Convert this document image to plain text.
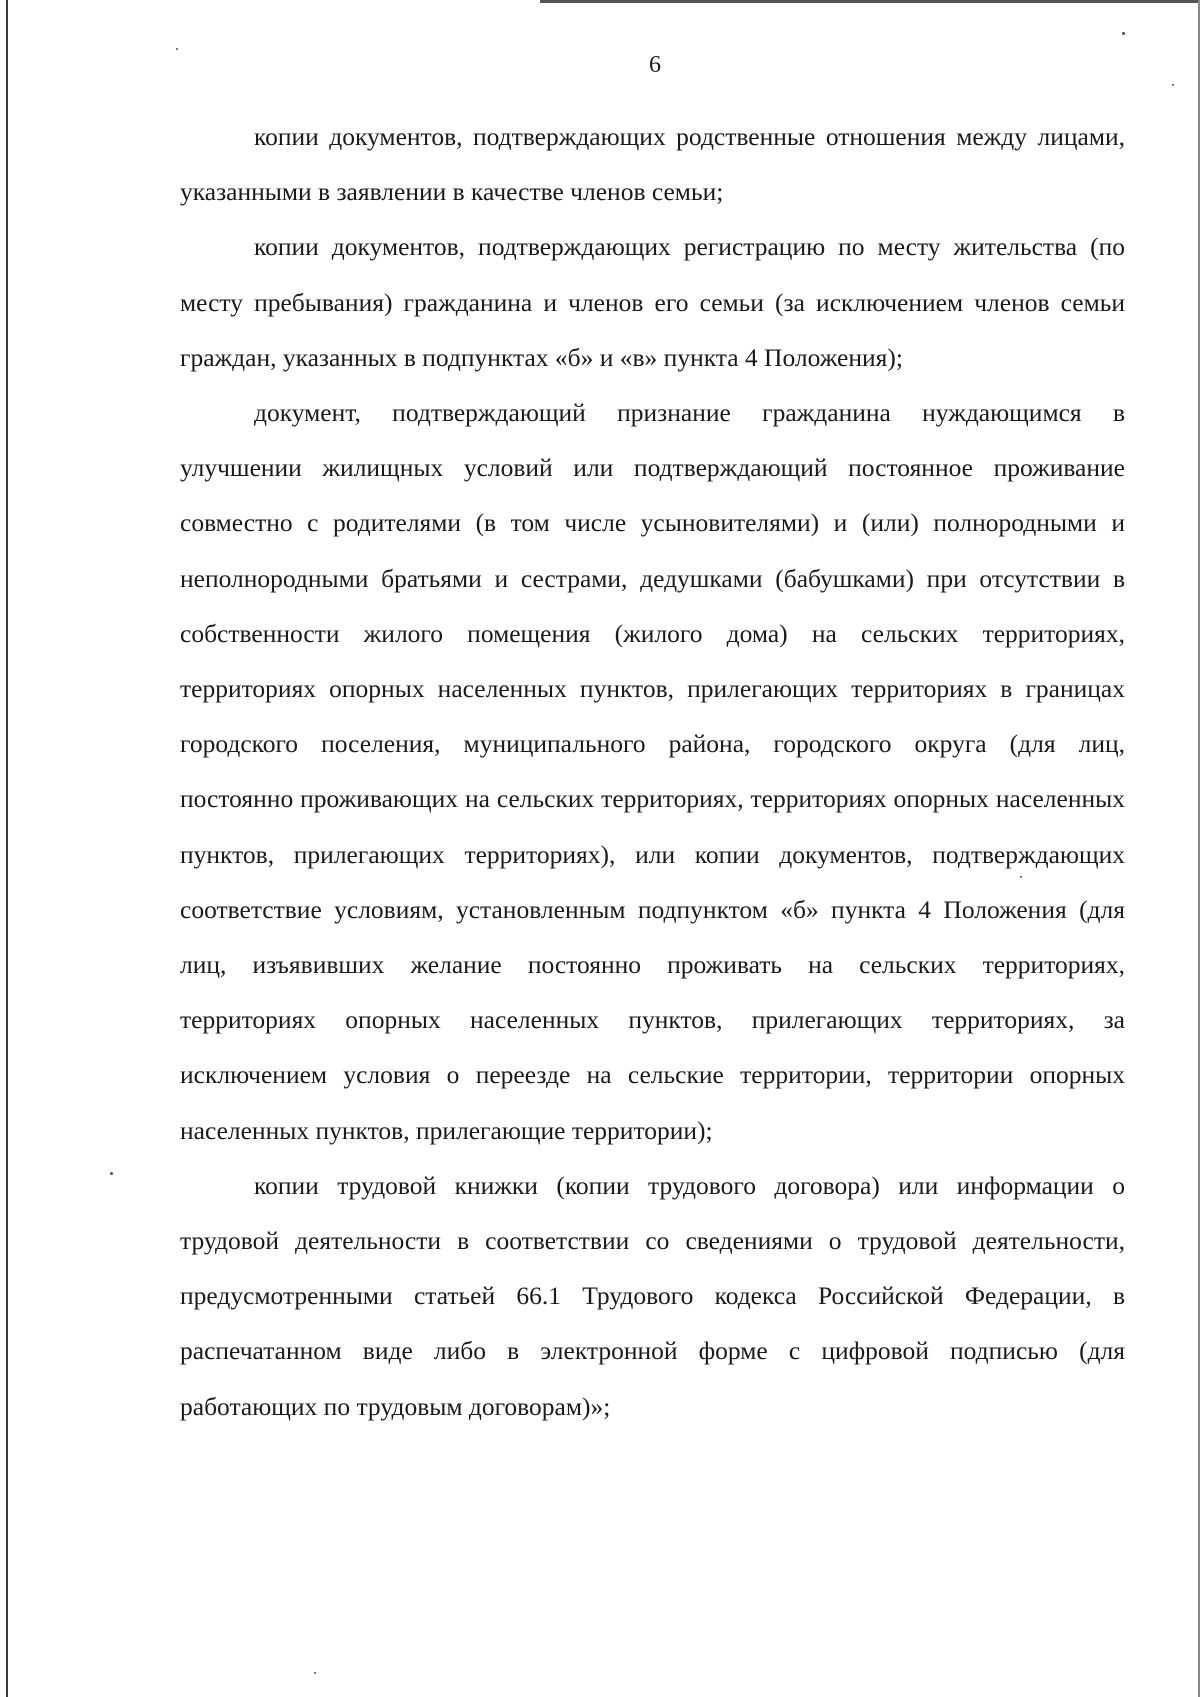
6

копии документов, подтверждающих родственные отношения между лицами, указанными в заявлении в качестве членов семьи;

копии документов, подтверждающих регистрацию по месту жительства (по месту пребывания) гражданина и членов его семьи (за исключением членов семьи граждан, указанных в подпунктах «б» и «в» пункта 4 Положения);

документ, подтверждающий признание гражданина нуждающимся в улучшении жилищных условий или подтверждающий постоянное проживание совместно с родителями (в том числе усыновителями) и (или) полнородными и неполнородными братьями и сестрами, дедушками (бабушками) при отсутствии в собственности жилого помещения (жилого дома) на сельских территориях, территориях опорных населенных пунктов, прилегающих территориях в границах городского поселения, муниципального района, городского округа (для лиц, постоянно проживающих на сельских территориях, территориях опорных населенных пунктов, прилегающих территориях), или копии документов, подтверждающих соответствие условиям, установленным подпунктом «б» пункта 4 Положения (для лиц, изъявивших желание постоянно проживать на сельских территориях, территориях опорных населенных пунктов, прилегающих территориях, за исключением условия о переезде на сельские территории, территории опорных населенных пунктов, прилегающие территории);

копии трудовой книжки (копии трудового договора) или информации о трудовой деятельности в соответствии со сведениями о трудовой деятельности, предусмотренными статьей 66.1 Трудового кодекса Российской Федерации, в распечатанном виде либо в электронной форме с цифровой подписью (для работающих по трудовым договорам)»;
